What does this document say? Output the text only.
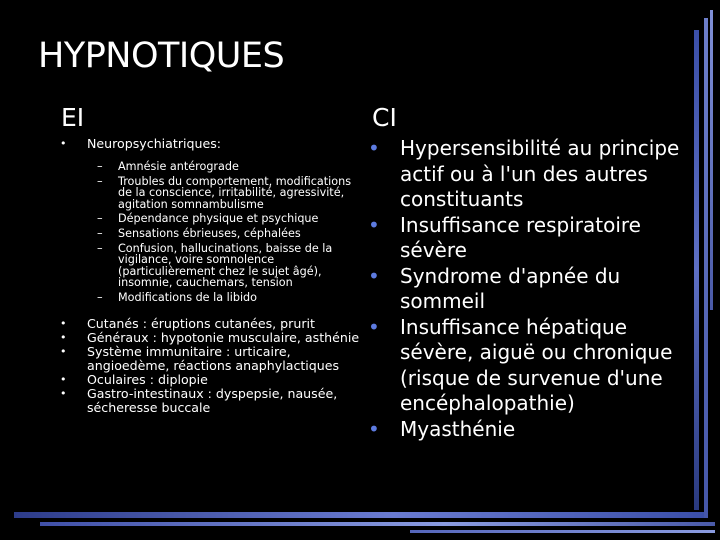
HYPNOTIQUES
EI	CI
• Neuropsychiatriques:
– Amnésie antérograde
– Troubles du comportement, modifications de la conscience, irritabilité, agressivité, agitation somnambulisme
– Dépendance physique et psychique
– Sensations ébrieuses, céphalées
– Confusion, hallucinations, baisse de la vigilance, voire somnolence (particulièrement chez le sujet âgé), insomnie, cauchemars, tension
– Modifications de la libido
• Cutanés : éruptions cutanées, prurit
• Généraux : hypotonie musculaire, asthénie
• Système immunitaire : urticaire, angioedème, réactions anaphylactiques
• Oculaires : diplopie
• Gastro-intestinaux : dyspepsie, nausée, sécheresse buccale
• Hypersensibilité au principe actif ou à l'un des autres constituants
• Insuffisance respiratoire sévère
• Syndrome d'apnée du sommeil
• Insuffisance hépatique sévère, aiguë ou chronique (risque de survenue d'une encéphalopathie)
• Myasthénie
